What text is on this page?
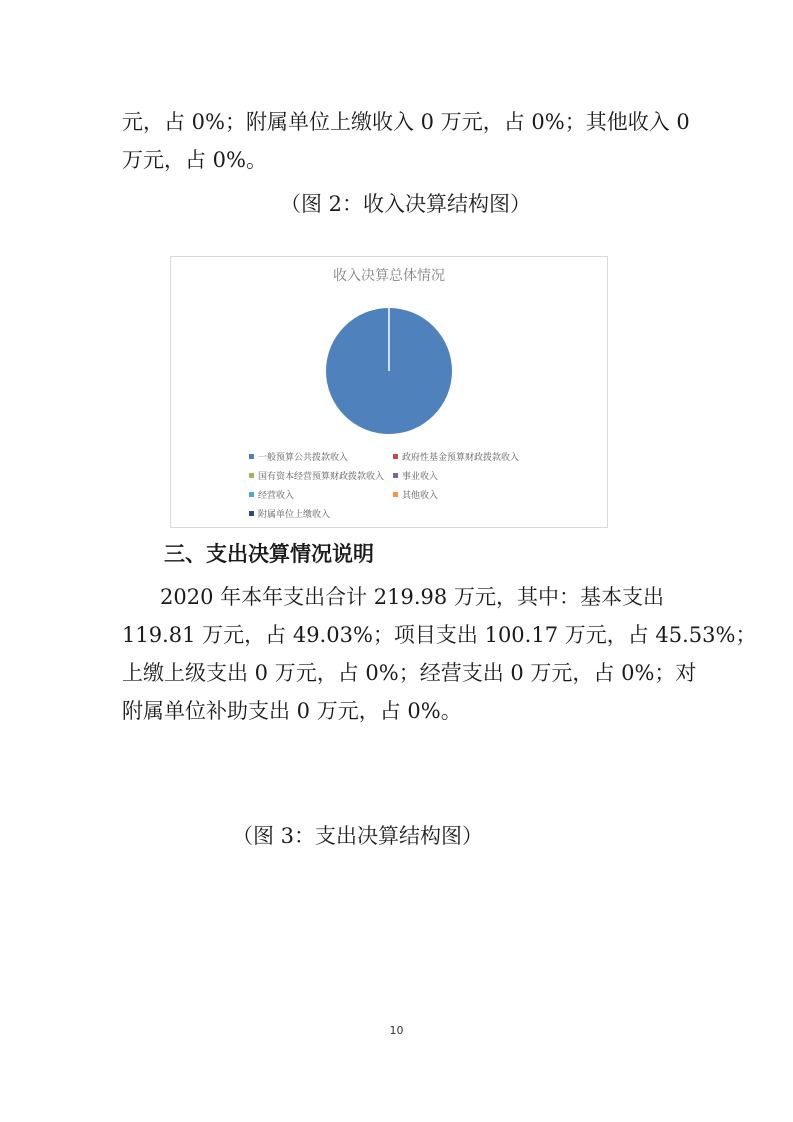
元，占 0%；附属单位上缴收入 0 万元，占 0%；其他收入 0
万元，占 0%。
（图 2：收入决算结构图）
收入决算总体情况
一般预算公共拨款收入	政府性基金预算财政拨款收入
国有资本经营预算财政拨款收入 事业收入
经营收入	其他收入
附属单位上缴收入
三、支出决算情况说明
2020 年本年支出合计 219.98 万元，其中：基本支出
119.81 万元，占 49.03%；项目支出 100.17 万元，占 45.53%；
上缴上级支出 0 万元，占 0%；经营支出 0 万元，占 0%；对
附属单位补助支出 0 万元，占 0%。
（图 3：支出决算结构图）
10
